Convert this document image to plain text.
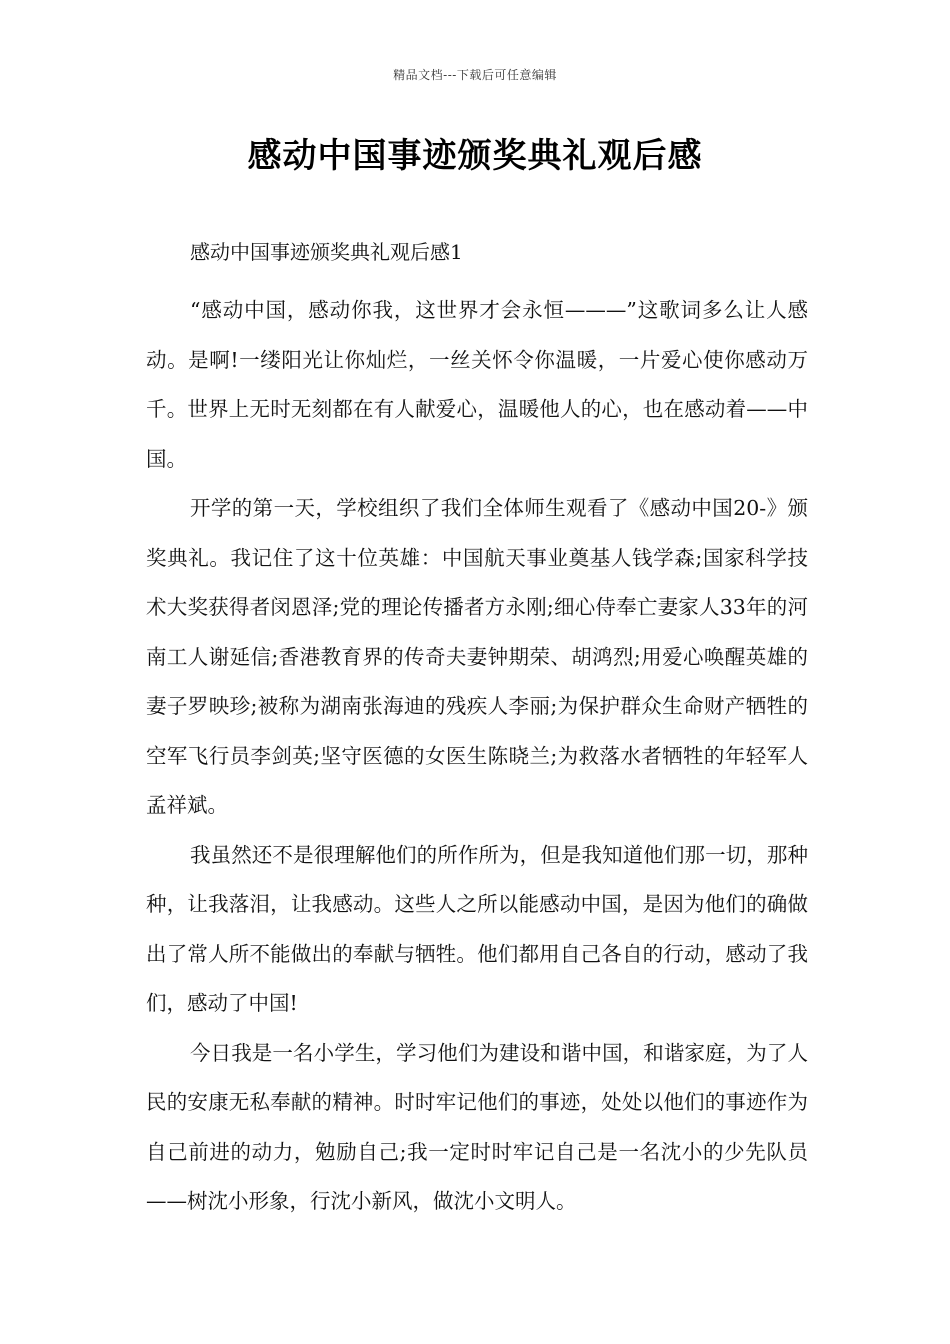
精品文档---下载后可任意编辑
感动中国事迹颁奖典礼观后感

感动中国事迹颁奖典礼观后感1

“感动中国，感动你我，这世界才会永恒———”这歌词多么让人感动。是啊!一缕阳光让你灿烂，一丝关怀令你温暖，一片爱心使你感动万千。世界上无时无刻都在有人献爱心，温暖他人的心，也在感动着——中国。

开学的第一天，学校组织了我们全体师生观看了《感动中国20-》颁奖典礼。我记住了这十位英雄：中国航天事业奠基人钱学森;国家科学技术大奖获得者闵恩泽;党的理论传播者方永刚;细心侍奉亡妻家人33年的河南工人谢延信;香港教育界的传奇夫妻钟期荣、胡鸿烈;用爱心唤醒英雄的妻子罗映珍;被称为湖南张海迪的残疾人李丽;为保护群众生命财产牺牲的空军飞行员李剑英;坚守医德的女医生陈晓兰;为救落水者牺牲的年轻军人孟祥斌。

我虽然还不是很理解他们的所作所为，但是我知道他们那一切，那种种，让我落泪，让我感动。这些人之所以能感动中国，是因为他们的确做出了常人所不能做出的奉献与牺牲。他们都用自己各自的行动，感动了我们，感动了中国!

今日我是一名小学生，学习他们为建设和谐中国，和谐家庭，为了人民的安康无私奉献的精神。时时牢记他们的事迹，处处以他们的事迹作为自己前进的动力，勉励自己;我一定时时牢记自己是一名沈小的少先队员——树沈小形象，行沈小新风，做沈小文明人。
